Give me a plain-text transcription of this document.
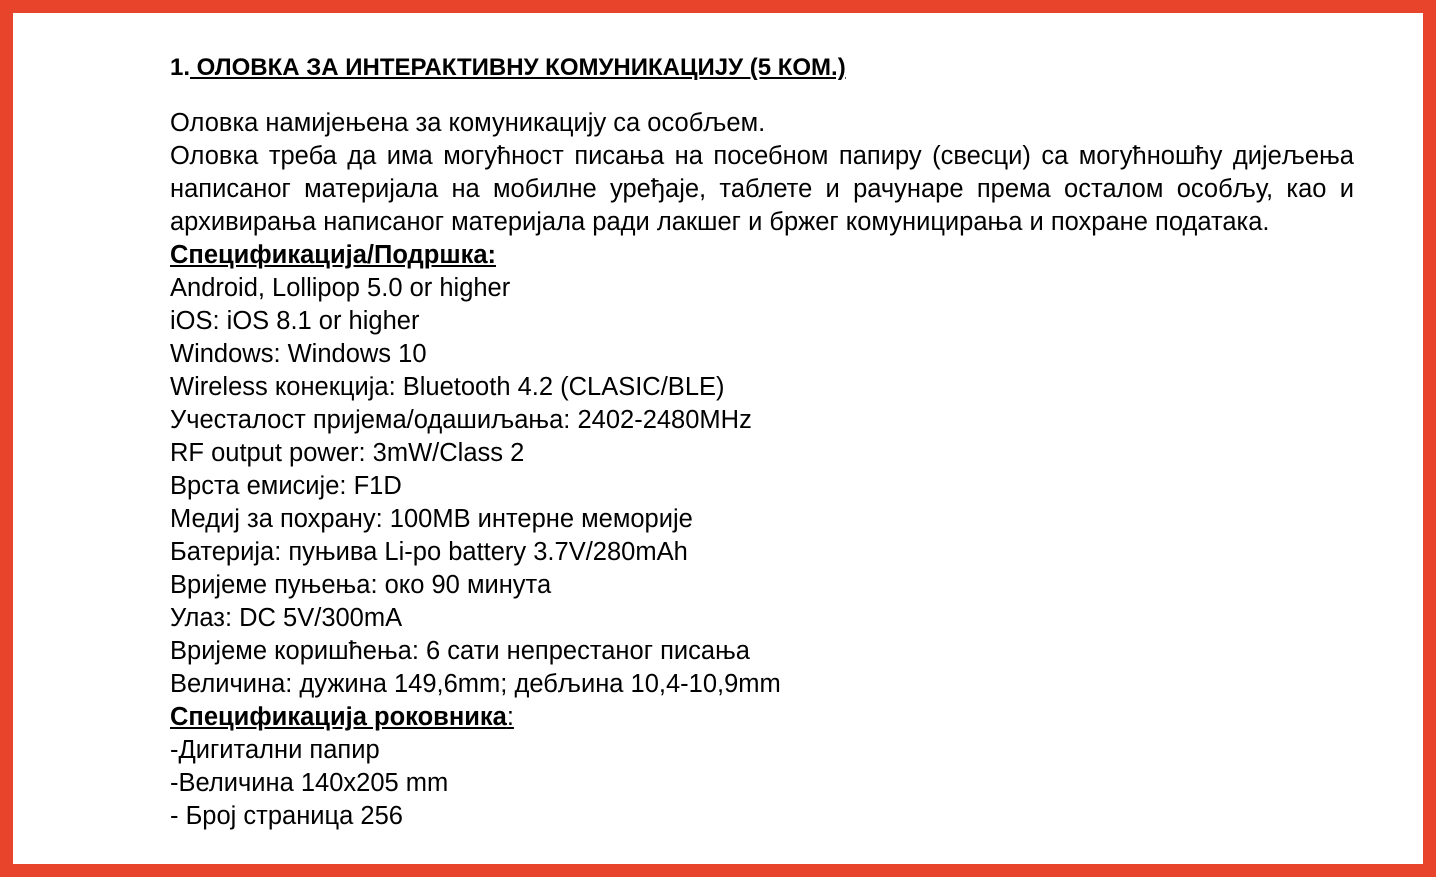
1. ОЛОВКА ЗА ИНТЕРАКТИВНУ КОМУНИКАЦИЈУ (5 КОМ.)
Оловка намијењена за комуникацију са особљем.
Оловка треба да има могућност писања на посебном папиру (свесци) са могућношћу дијељења написаног материјала на мобилне уређаје, таблете и рачунаре према осталом особљу, као и архивирања написаног материјала ради лакшег и бржег комуницирања и похране података.
Спецификација/Подршка:
Android, Lollipop 5.0 or higher
iOS: iOS 8.1 or higher
Windows: Windows 10
Wireless конекција: Bluetooth 4.2 (CLASIC/BLE)
Учесталост пријема/одашиљања: 2402-2480MHz
RF output power: 3mW/Class 2
Врста емисије: F1D
Медиј за похрану: 100MB интерне меморије
Батерија: пуњива Li-po battery 3.7V/280mAh
Вријеме пуњења: око 90 минута
Улаз: DC 5V/300mA
Вријеме коришћења: 6 сати непрестаног писања
Величина: дужина 149,6mm; дебљина 10,4-10,9mm
Спецификација роковника:
-Дигитални папир
-Величина 140x205 mm
- Број страница 256
